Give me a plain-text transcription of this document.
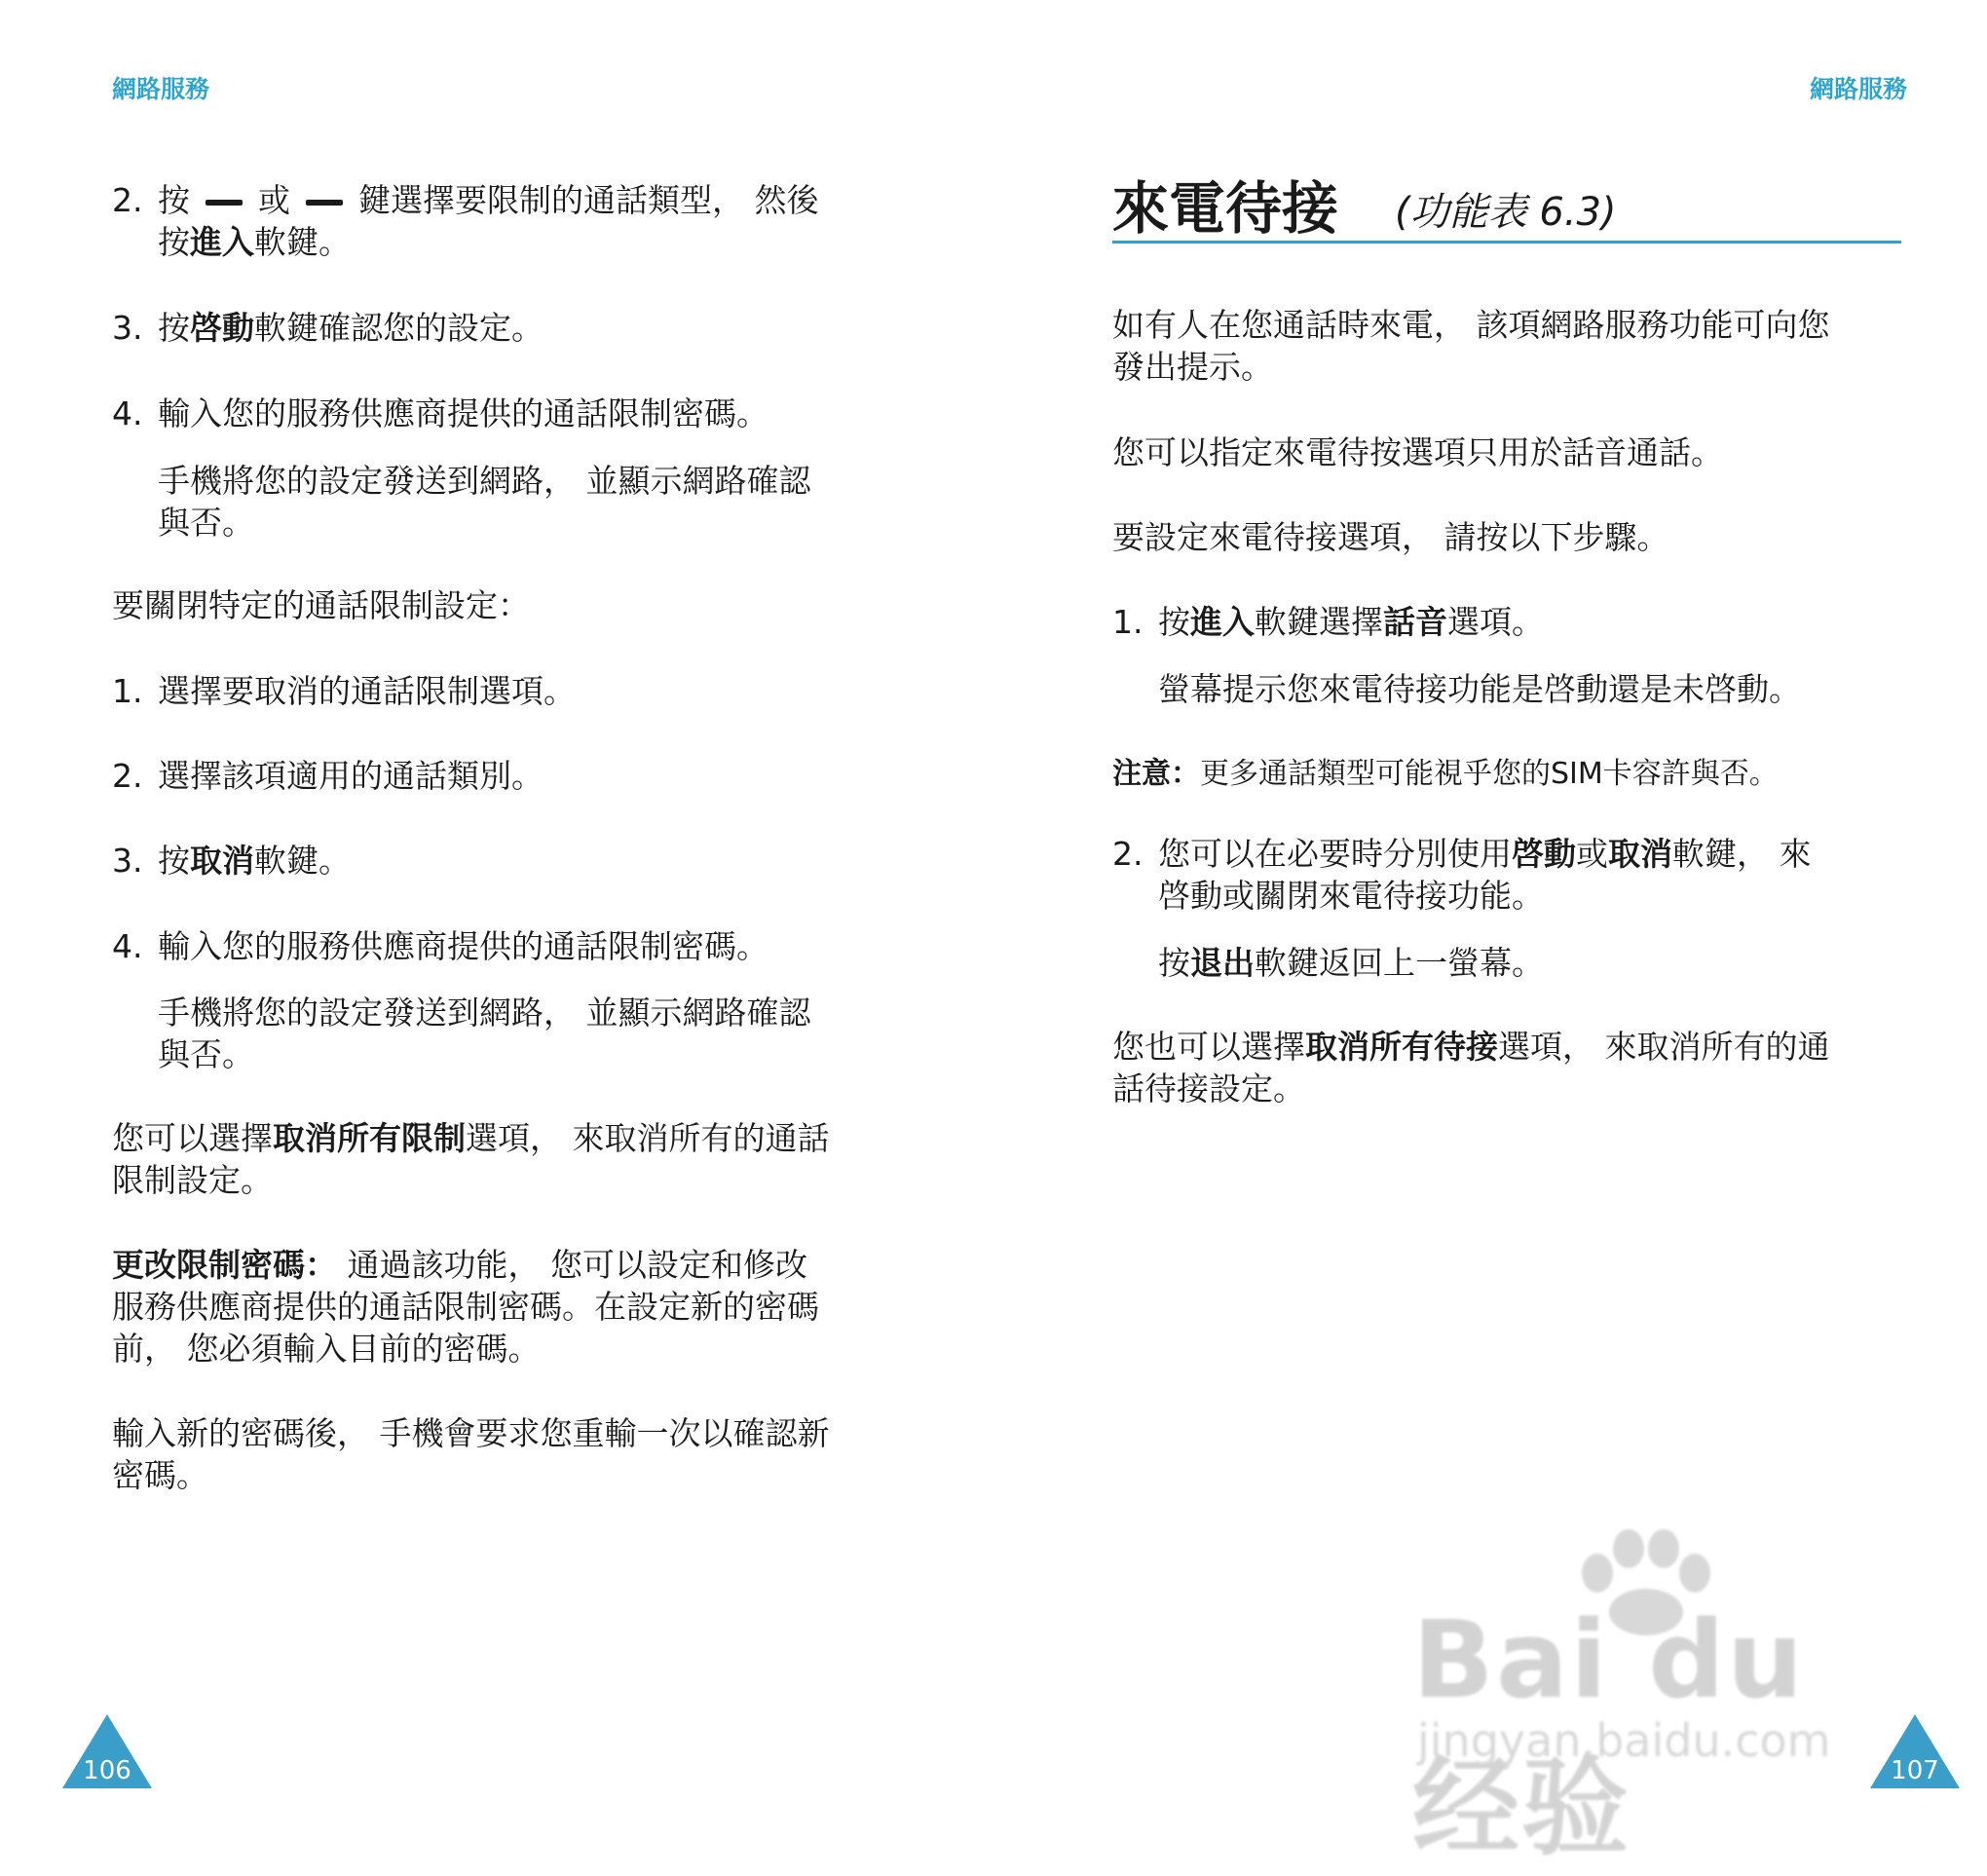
網路服務
2. 按 或 鍵選擇要限制的通話類型， 然後
按進入軟鍵。
3. 按啓動軟鍵確認您的設定。
4. 輸入您的服務供應商提供的通話限制密碼。
手機將您的設定發送到網路， 並顯示網路確認
與否。
要關閉特定的通話限制設定：
1. 選擇要取消的通話限制選項。
2. 選擇該項適用的通話類別。
3. 按取消軟鍵。
4. 輸入您的服務供應商提供的通話限制密碼。
手機將您的設定發送到網路， 並顯示網路確認
與否。
您可以選擇取消所有限制選項， 來取消所有的通話
限制設定。
更改限制密碼： 通過該功能， 您可以設定和修改
服務供應商提供的通話限制密碼。在設定新的密碼
前， 您必須輸入目前的密碼。
輸入新的密碼後， 手機會要求您重輸一次以確認新
密碼。
106
網路服務
來電待接 (功能表 6.3)
如有人在您通話時來電， 該項網路服務功能可向您
發出提示。
您可以指定來電待按選項只用於話音通話。
要設定來電待接選項， 請按以下步驟。
1. 按進入軟鍵選擇話音選項。
螢幕提示您來電待接功能是啓動還是未啓動。
注意：更多通話類型可能視乎您的SIM卡容許與否。
2. 您可以在必要時分別使用啓動或取消軟鍵， 來
啓動或關閉來電待接功能。
按退出軟鍵返回上一螢幕。
您也可以選擇取消所有待接選項， 來取消所有的通
話待接設定。
107
Bai du 经验
jingyan.baidu.com
